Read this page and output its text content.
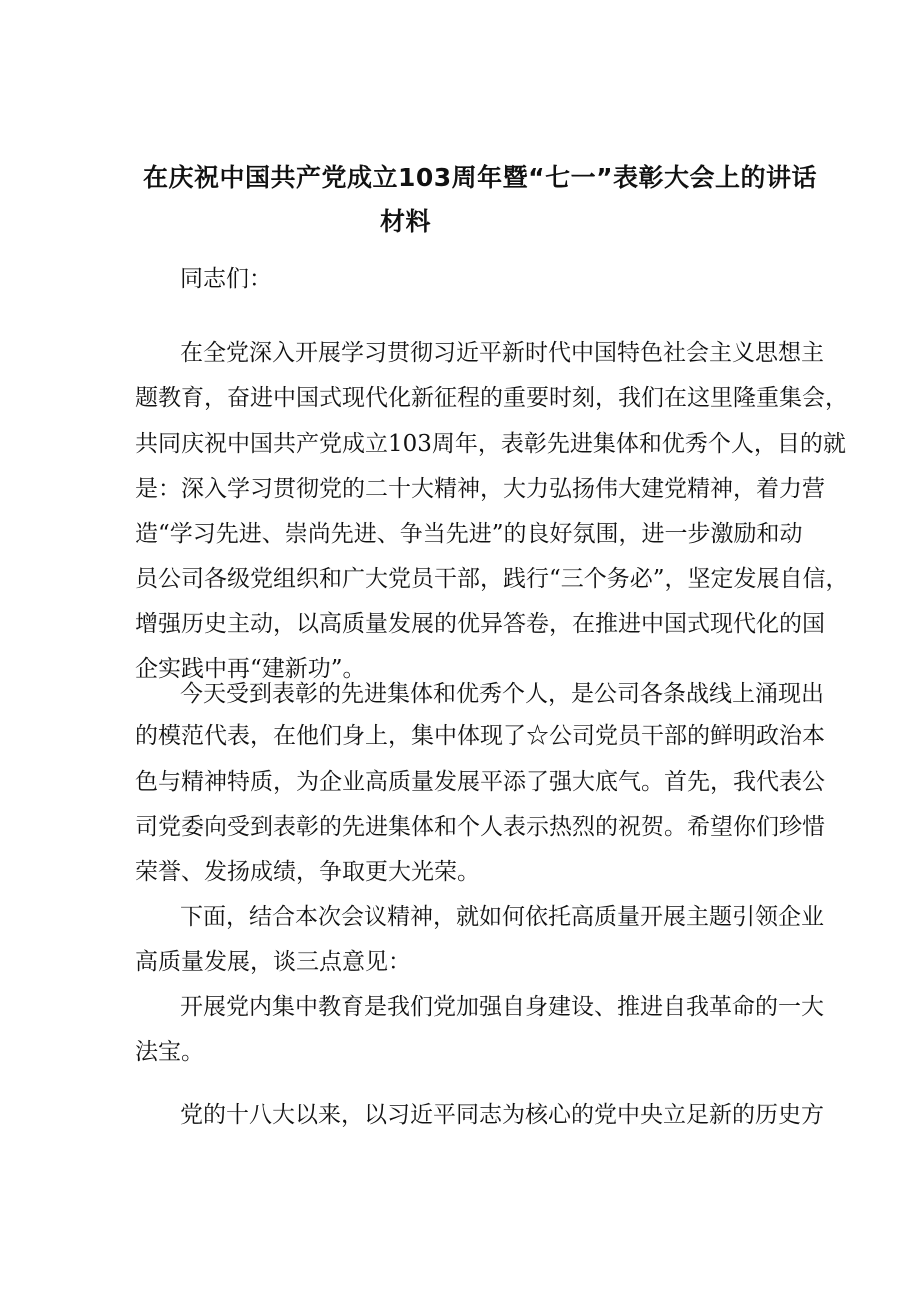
在庆祝中国共产党成立103周年暨“七一”表彰大会上的讲话
材料
同志们：
在全党深入开展学习贯彻习近平新时代中国特色社会主义思想主
题教育，奋进中国式现代化新征程的重要时刻，我们在这里隆重集会，
共同庆祝中国共产党成立103周年，表彰先进集体和优秀个人，目的就
是：深入学习贯彻党的二十大精神，大力弘扬伟大建党精神，着力营
造“学习先进、崇尚先进、争当先进”的良好氛围，进一步激励和动
员公司各级党组织和广大党员干部，践行“三个务必”，坚定发展自信，
增强历史主动，以高质量发展的优异答卷，在推进中国式现代化的国
企实践中再“建新功”。
今天受到表彰的先进集体和优秀个人，是公司各条战线上涌现出
的模范代表，在他们身上，集中体现了☆公司党员干部的鲜明政治本
色与精神特质，为企业高质量发展平添了强大底气。首先，我代表公
司党委向受到表彰的先进集体和个人表示热烈的祝贺。希望你们珍惜
荣誉、发扬成绩，争取更大光荣。
下面，结合本次会议精神，就如何依托高质量开展主题引领企业
高质量发展，谈三点意见：
开展党内集中教育是我们党加强自身建设、推进自我革命的一大
法宝。
党的十八大以来，以习近平同志为核心的党中央立足新的历史方
